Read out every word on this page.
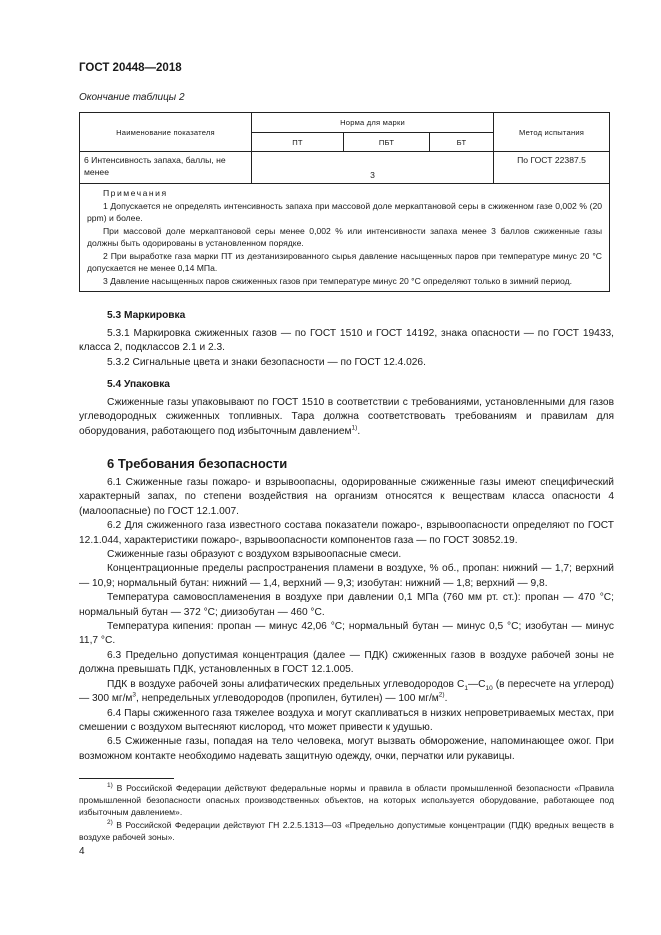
ГОСТ 20448—2018
Окончание таблицы 2
Наименование показателя	Норма для марки			Метод испытания
	ПТ	ПБТ	БТ	
6 Интенсивность запаха, баллы, не менее	3			По ГОСТ 22387.5

Примечания

1 Допускается не определять интенсивность запаха при массовой доле меркаптановой серы в сжиженном газе 0,002 % (20 ppm) и более.

При массовой доле меркаптановой серы менее 0,002 % или интенсивности запаха менее 3 баллов сжиженные газы должны быть одорированы в установленном порядке.

2 При выработке газа марки ПТ из деэтанизированного сырья давление насыщенных паров при температуре минус 20 °С допускается не менее 0,14 МПа.

3 Давление насыщенных паров сжиженных газов при температуре минус 20 °С определяют только в зимний период.				

5.3 Маркировка

5.3.1 Маркировка сжиженных газов — по ГОСТ 1510 и ГОСТ 14192, знака опасности — по ГОСТ 19433, класса 2, подклассов 2.1 и 2.3.

5.3.2 Сигнальные цвета и знаки безопасности — по ГОСТ 12.4.026.

5.4 Упаковка

Сжиженные газы упаковывают по ГОСТ 1510 в соответствии с требованиями, установленными для газов углеводородных сжиженных топливных. Тара должна соответствовать требованиям и правилам для оборудования, работающего под избыточным давлением$^{1)}$.

6 Требования безопасности

6.1 Сжиженные газы пожаро- и взрывоопасны, одорированные сжиженные газы имеют специфический характерный запах, по степени воздействия на организм относятся к веществам класса опасности 4 (малоопасные) по ГОСТ 12.1.007.

6.2 Для сжиженного газа известного состава показатели пожаро-, взрывоопасности определяют по ГОСТ 12.1.044, характеристики пожаро-, взрывоопасности компонентов газа — по ГОСТ 30852.19.

Сжиженные газы образуют с воздухом взрывоопасные смеси.

Концентрационные пределы распространения пламени в воздухе, % об., пропан: нижний — 1,7; верхний — 10,9; нормальный бутан: нижний — 1,4, верхний — 9,3; изобутан: нижний — 1,8; верхний — 9,8.

Температура самовоспламенения в воздухе при давлении 0,1 МПа (760 мм рт. ст.): пропан — 470 °С; нормальный бутан — 372 °С; диизобутан — 460 °С.

Температура кипения: пропан — минус 42,06 °С; нормальный бутан — минус 0,5 °С; изобутан — минус 11,7 °С.

6.3 Предельно допустимая концентрация (далее — ПДК) сжиженных газов в воздухе рабочей зоны не должна превышать ПДК, установленных в ГОСТ 12.1.005.

ПДК в воздухе рабочей зоны алифатических предельных углеводородов $С_1—С_{10}$ (в пересчете на углерод) — 300 $мг/м^3$, непредельных углеводородов (пропилен, бутилен) — 100 $мг/м^{2)}$.

6.4 Пары сжиженного газа тяжелее воздуха и могут скапливаться в низких непроветриваемых местах, при смешении с воздухом вытесняют кислород, что может привести к удушью.

6.5 Сжиженные газы, попадая на тело человека, могут вызвать обморожение, напоминающее ожог. При возможном контакте необходимо надевать защитную одежду, очки, перчатки или рукавицы.

$^{1)}$ В Российской Федерации действуют федеральные нормы и правила в области промышленной безопасности «Правила промышленной безопасности опасных производственных объектов, на которых используется оборудование, работающее под избыточным давлением».

$^{2)}$ В Российской Федерации действуют ГН 2.2.5.1313—03 «Предельно допустимые концентрации (ПДК) вредных веществ в воздухе рабочей зоны».

4
